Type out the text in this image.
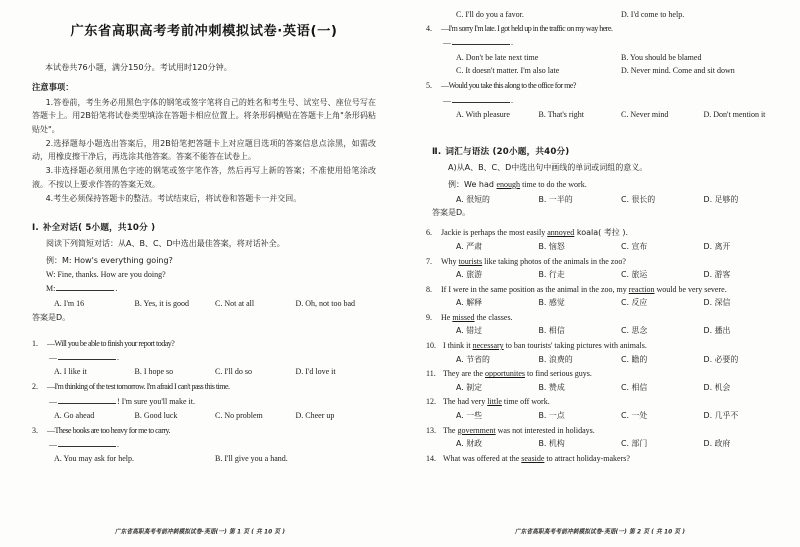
广东省高职高考考前冲刺模拟试卷·英语(一)
本试卷共76小题，满分150分。考试用时120分钟。
注意事项：
1.答卷前，考生务必用黑色字体的钢笔或签字笔将自己的姓名和考生号、试室号、座位号写在答题卡上。用2B铅笔将试卷类型填涂在答题卡相应位置上。将条形码横贴在答题卡上角"条形码粘贴处"。
2.选择题每小题选出答案后，用2B铅笔把答题卡上对应题目选项的答案信息点涂黑，如需改动，用橡皮擦干净后，再选涂其他答案。答案不能答在试卷上。
3.非选择题必须用黑色字迹的钢笔或签字笔作答，然后再写上新的答案；不准使用铅笔涂改液。不按以上要求作答的答案无效。
4.考生必须保持答题卡的整洁。考试结束后，将试卷和答题卡一并交回。
Ⅰ. 补全对话( 5小题，共10分 )
阅读下列简短对话：从A、B、C、D中选出最佳答案，将对话补全。
例：M: How's everything going?
W: Fine, thanks. How are you doing?
M:	.
A. I'm 16	B. Yes, it is good	C. Not at all	D. Oh, not too bad
答案是D。
1.	—Will you be able to finish your report today?
—	.
A. I like it	B. I hope so	C. I'll do so	D. I'd love it
2.	—I'm thinking of the test tomorrow. I'm afraid I can't pass this time.
—	! I'm sure you'll make it.
A. Go ahead	B. Good luck	C. No problem	D. Cheer up
3.	—These books are too heavy for me to carry.
—	.
A. You may ask for help.	B. I'll give you a hand.
广东省高职高考考前冲刺模拟试卷·英语(一) 第 1 页 ( 共 10 页 )
C. I'll do you a favor.	D. I'd come to help.
4.	—I'm sorry I'm late. I got held up in the traffic on my way here.
—	.
A. Don't be late next time	B. You should be blamed
C. It doesn't matter. I'm also late	D. Never mind. Come and sit down
5.	—Would you take this along to the office for me?
—	.
A. With pleasure	B. That's right	C. Never mind	D. Don't mention it
Ⅱ. 词汇与语法 (20小题，共40分)
A)从A、B、C、D中选出句中画线的单词或词组的意义。
例：We had enough time to do the work.
A. 很短的	B. 一半的	C. 很长的	D. 足够的
答案是D。
6.	Jackie is perhaps the most easily annoyed koala( 考拉 ).
A. 严肃	B. 恼怒	C. 宣布	D. 离开
7.	Why tourists like taking photos of the animals in the zoo?
A. 旅游	B. 行走	C. 旅运	D. 游客
8.	If I were in the same position as the animal in the zoo, my reaction would be very severe.
A. 解释	B. 感觉	C. 反应	D. 深信
9.	He missed the classes.
A. 错过	B. 相信	C. 思念	D. 播出
10. I think it necessary to ban tourists' taking pictures with animals.
A. 节省的	B. 浪费的	C. 瞻的	D. 必要的
11. They are the opportunites to find serious guys.
A. 制定	B. 赞成	C. 相信	D. 机会
12. The had very little time off work.
A. 一些	B. 一点	C. 一处	D. 几乎不
13. The government was not interested in holidays.
A. 财政	B. 机构	C. 部门	D. 政府
14. What was offered at the seaside to attract holiday-makers?
广东省高职高考考前冲刺模拟试卷·英语(一) 第 2 页 ( 共 10 页 )
